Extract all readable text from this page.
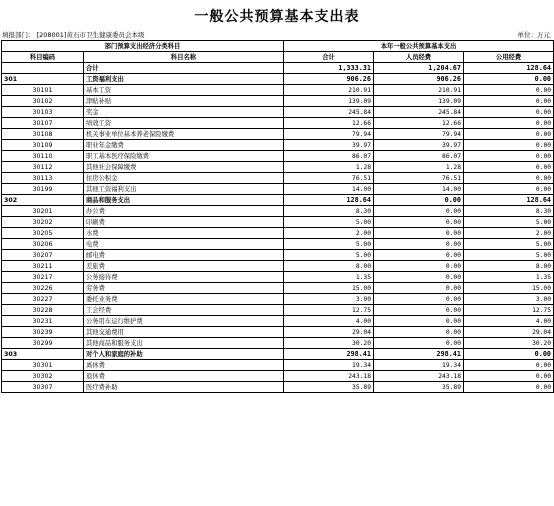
一般公共预算基本支出表
填报部门： [208001]黄石市卫生健康委员会本级	单位：万元
部门预算支出经济分类科目		本年一般公共预算基本支出		
科目编码	科目名称	合计	人员经费	公用经费
	合计	1,333.31	1,204.67	128.64
301	工资福利支出	906.26	906.26	0.00
30101	基本工资	210.91	210.91	0.00
30102	津贴补贴	139.09	139.09	0.00
30103	奖金	245.84	245.84	0.00
30107	绩效工资	12.66	12.66	0.00
30108	机关事业单位基本养老保险缴费	79.94	79.94	0.00
30109	职业年金缴费	39.97	39.97	0.00
30110	职工基本医疗保险缴费	86.07	86.07	0.00
30112	其他社会保障缴费	1.28	1.28	0.00
30113	住房公积金	76.51	76.51	0.00
30199	其他工资福利支出	14.00	14.00	0.00
302	商品和服务支出	128.64	0.00	128.64
30201	办公费	8.30	0.00	8.30
30202	印刷费	5.00	0.00	5.00
30205	水费	2.00	0.00	2.00
30206	电费	5.00	0.00	5.00
30207	邮电费	5.00	0.00	5.00
30211	差旅费	8.00	0.00	8.00
30217	公务接待费	1.35	0.00	1.35
30226	劳务费	15.00	0.00	15.00
30227	委托业务费	3.00	0.00	3.00
30228	工会经费	12.75	0.00	12.75
30231	公务用车运行维护费	4.00	0.00	4.00
30239	其他交通费用	29.04	0.00	29.04
30299	其他商品和服务支出	30.20	0.00	30.20
303	对个人和家庭的补助	298.41	298.41	0.00
30301	离休费	19.34	19.34	0.00
30302	退休费	243.18	243.18	0.00
30307	医疗费补助	35.89	35.89	0.00
